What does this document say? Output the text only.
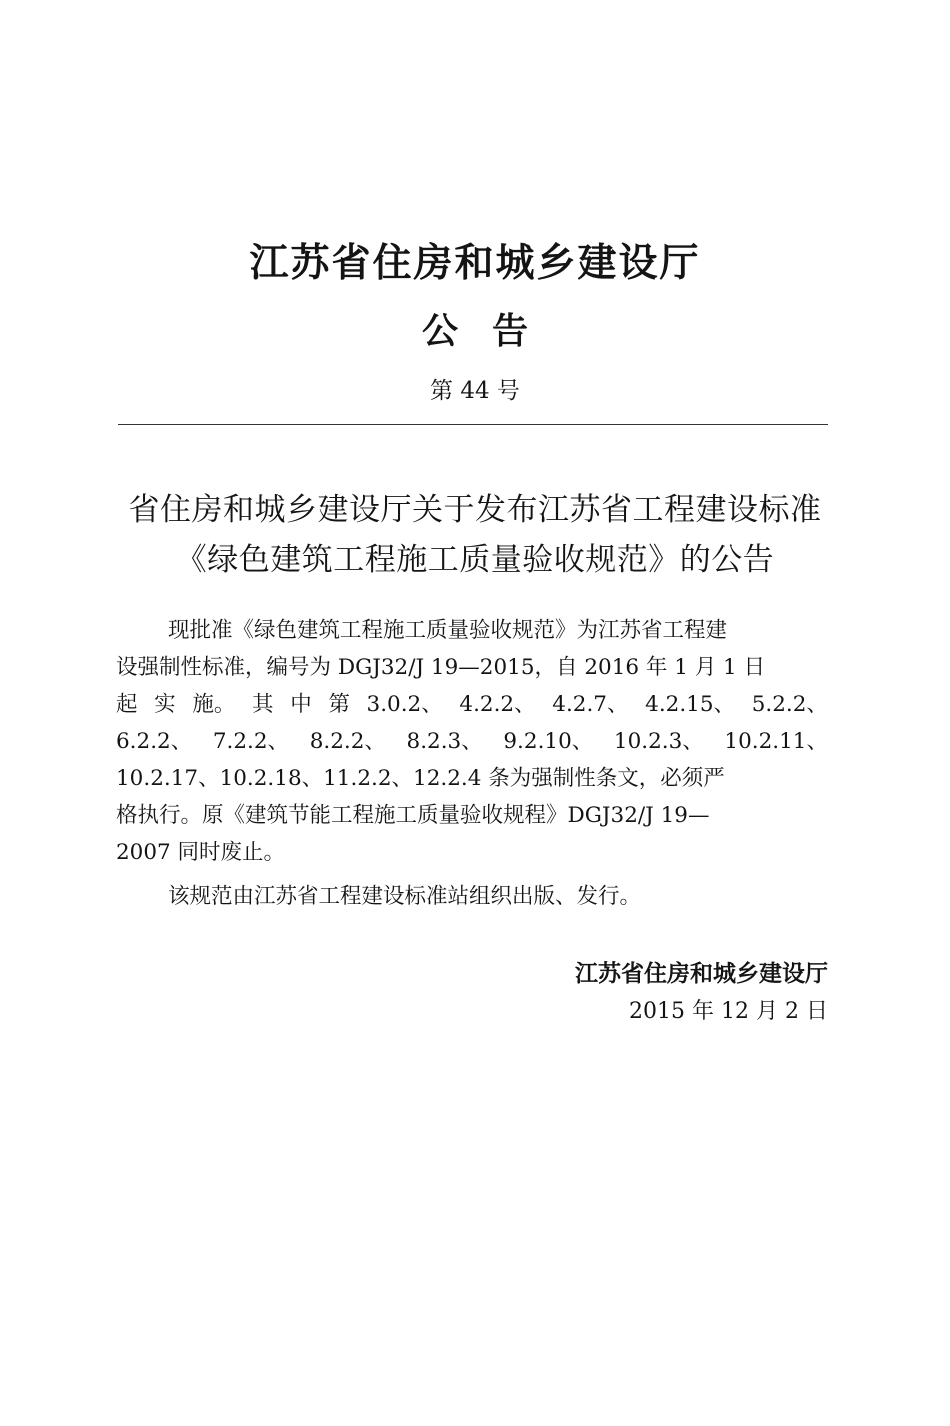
江苏省住房和城乡建设厅
公告
第 44 号
省住房和城乡建设厅关于发布江苏省工程建设标准
《绿色建筑工程施工质量验收规范》的公告
现批准《绿色建筑工程施工质量验收规范》为江苏省工程建
设强制性标准，编号为 DGJ32/J 19—2015，自 2016 年 1 月 1 日
起 实 施。 其 中 第 3.0.2、 4.2.2、 4.2.7、 4.2.15、 5.2.2、
6.2.2、 7.2.2、 8.2.2、 8.2.3、 9.2.10、 10.2.3、 10.2.11、
10.2.17、10.2.18、11.2.2、12.2.4 条为强制性条文，必须严
格执行。原《建筑节能工程施工质量验收规程》DGJ32/J 19—
2007 同时废止。
该规范由江苏省工程建设标准站组织出版、发行。
江苏省住房和城乡建设厅
2015 年 12 月 2 日
